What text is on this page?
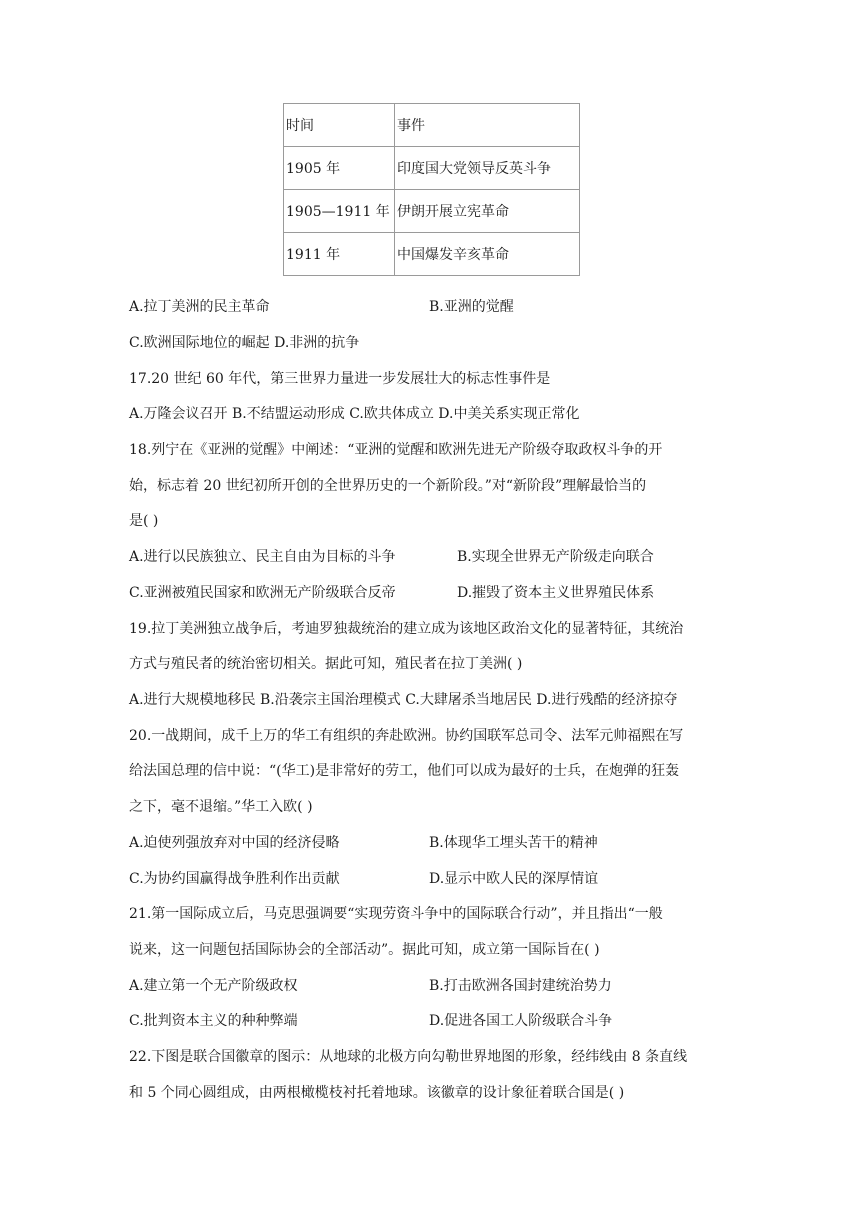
时间	事件
1905 年	印度国大党领导反英斗争
1905—1911 年	伊朗开展立宪革命
1911 年	中国爆发辛亥革命
A.拉丁美洲的民主革命	B.亚洲的觉醒
C.欧洲国际地位的崛起 D.非洲的抗争
17.20 世纪 60 年代，第三世界力量进一步发展壮大的标志性事件是
A.万隆会议召开 B.不结盟运动形成 C.欧共体成立 D.中美关系实现正常化
18.列宁在《亚洲的觉醒》中阐述：“亚洲的觉醒和欧洲先进无产阶级夺取政权斗争的开
始，标志着 20 世纪初所开创的全世界历史的一个新阶段。”对“新阶段”理解最恰当的
是( )
A.进行以民族独立、民主自由为目标的斗争	B.实现全世界无产阶级走向联合
C.亚洲被殖民国家和欧洲无产阶级联合反帝	D.摧毁了资本主义世界殖民体系
19.拉丁美洲独立战争后，考迪罗独裁统治的建立成为该地区政治文化的显著特征，其统治
方式与殖民者的统治密切相关。据此可知，殖民者在拉丁美洲( )
A.进行大规模地移民 B.沿袭宗主国治理模式 C.大肆屠杀当地居民 D.进行残酷的经济掠夺
20.一战期间，成千上万的华工有组织的奔赴欧洲。协约国联军总司令、法军元帅福熙在写
给法国总理的信中说：“(华工)是非常好的劳工，他们可以成为最好的士兵，在炮弹的狂轰
之下，毫不退缩。”华工入欧( )
A.迫使列强放弃对中国的经济侵略	B.体现华工埋头苦干的精神
C.为协约国赢得战争胜利作出贡献	D.显示中欧人民的深厚情谊
21.第一国际成立后，马克思强调要“实现劳资斗争中的国际联合行动”，并且指出“一般
说来，这一问题包括国际协会的全部活动”。据此可知，成立第一国际旨在( )
A.建立第一个无产阶级政权	B.打击欧洲各国封建统治势力
C.批判资本主义的种种弊端	D.促进各国工人阶级联合斗争
22.下图是联合国徽章的图示：从地球的北极方向勾勒世界地图的形象，经纬线由 8 条直线
和 5 个同心圆组成，由两根橄榄枝衬托着地球。该徽章的设计象征着联合国是( )
